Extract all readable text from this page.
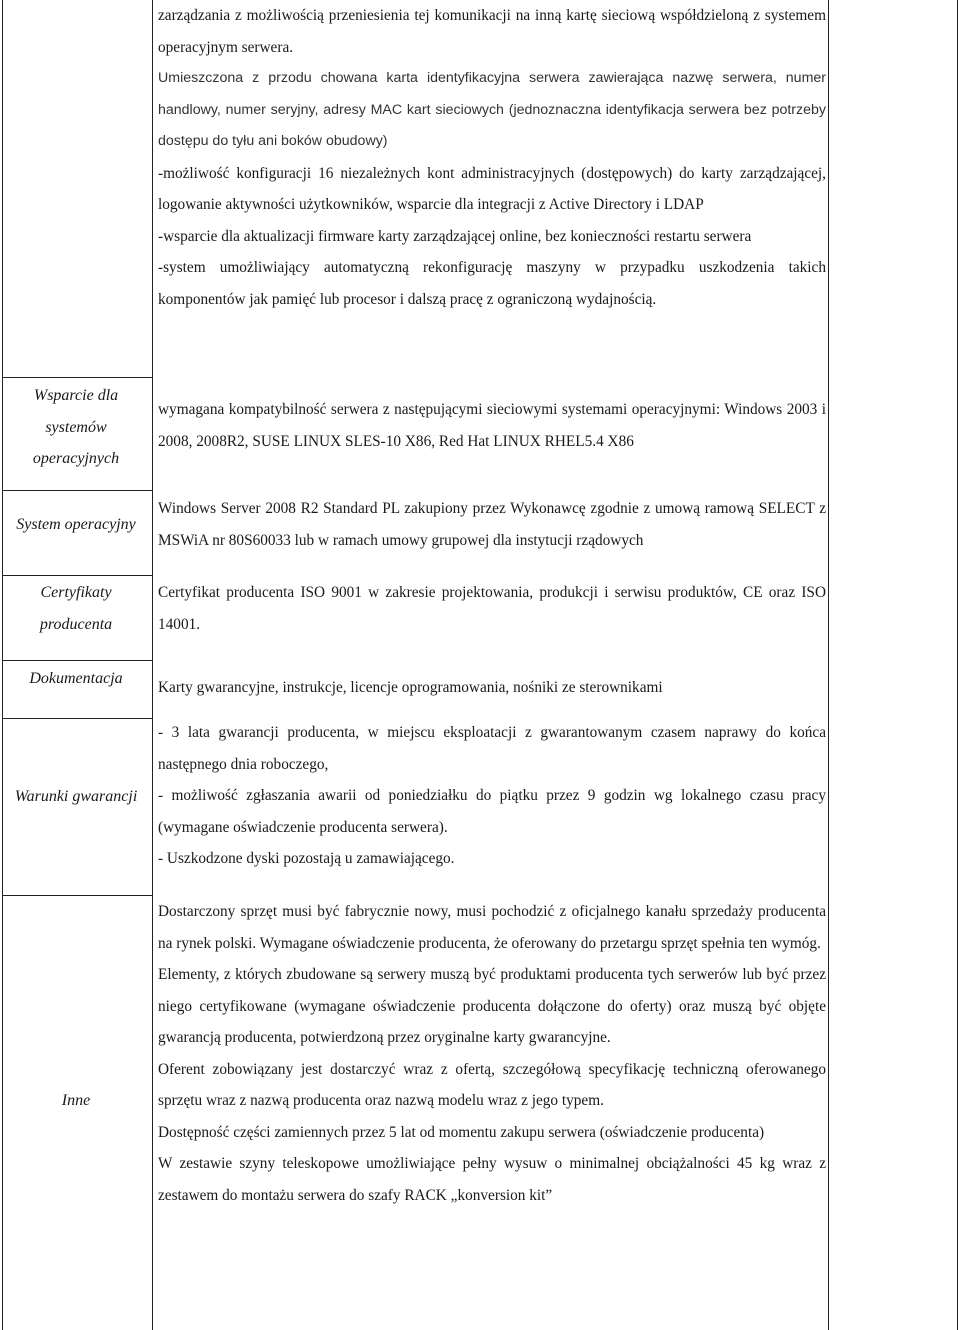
zarządzania z możliwością przeniesienia tej komunikacji na inną kartę sieciową współdzieloną z systemem operacyjnym serwera.

Umieszczona z przodu chowana karta identyfikacyjna serwera zawierająca nazwę serwera, numer handlowy, numer seryjny, adresy MAC kart sieciowych (jednoznaczna identyfikacja serwera bez potrzeby dostępu do tyłu ani boków obudowy)

-możliwość konfiguracji 16 niezależnych kont administracyjnych (dostępowych) do karty zarządzającej, logowanie aktywności użytkowników, wsparcie dla integracji z Active Directory i LDAP

-wsparcie dla aktualizacji firmware karty zarządzającej online, bez konieczności restartu serwera

-system umożliwiający automatyczną rekonfigurację maszyny w przypadku uszkodzenia takich komponentów jak pamięć lub procesor i dalszą pracę z ograniczoną wydajnością.

Wsparcie dla
systemów
operacyjnych

wymagana kompatybilność serwera z następującymi sieciowymi systemami operacyjnymi: Windows 2003 i 2008, 2008R2, SUSE LINUX SLES-10 X86, Red Hat LINUX RHEL5.4 X86

System operacyjny

Windows Server 2008 R2 Standard PL zakupiony przez Wykonawcę zgodnie z umową ramową SELECT z MSWiA nr 80S60033 lub w ramach umowy grupowej dla instytucji rządowych

Certyfikaty
producenta

Certyfikat producenta ISO 9001 w zakresie projektowania, produkcji i serwisu produktów, CE oraz ISO 14001.

Dokumentacja

Karty gwarancyjne, instrukcje, licencje oprogramowania, nośniki ze sterownikami

Warunki gwarancji

- 3 lata gwarancji producenta, w miejscu eksploatacji z gwarantowanym czasem naprawy do końca następnego dnia roboczego,

- możliwość zgłaszania awarii od poniedziałku do piątku przez 9 godzin wg lokalnego czasu pracy (wymagane oświadczenie producenta serwera).

- Uszkodzone dyski pozostają u zamawiającego.

Inne

Dostarczony sprzęt musi być fabrycznie nowy, musi pochodzić z oficjalnego kanału sprzedaży producenta na rynek polski. Wymagane oświadczenie producenta, że oferowany do przetargu sprzęt spełnia ten wymóg.

Elementy, z których zbudowane są serwery muszą być produktami producenta tych serwerów lub być przez niego certyfikowane (wymagane oświadczenie producenta dołączone do oferty) oraz muszą być objęte gwarancją producenta, potwierdzoną przez oryginalne karty gwarancyjne.

Oferent zobowiązany jest dostarczyć wraz z ofertą, szczegółową specyfikację techniczną oferowanego sprzętu wraz z nazwą producenta oraz nazwą modelu wraz z jego typem.

Dostępność części zamiennych przez 5 lat od momentu zakupu serwera (oświadczenie producenta)

W zestawie szyny teleskopowe umożliwiające pełny wysuw o minimalnej obciążalności 45 kg wraz z zestawem do montażu serwera do szafy RACK „konversion kit”
